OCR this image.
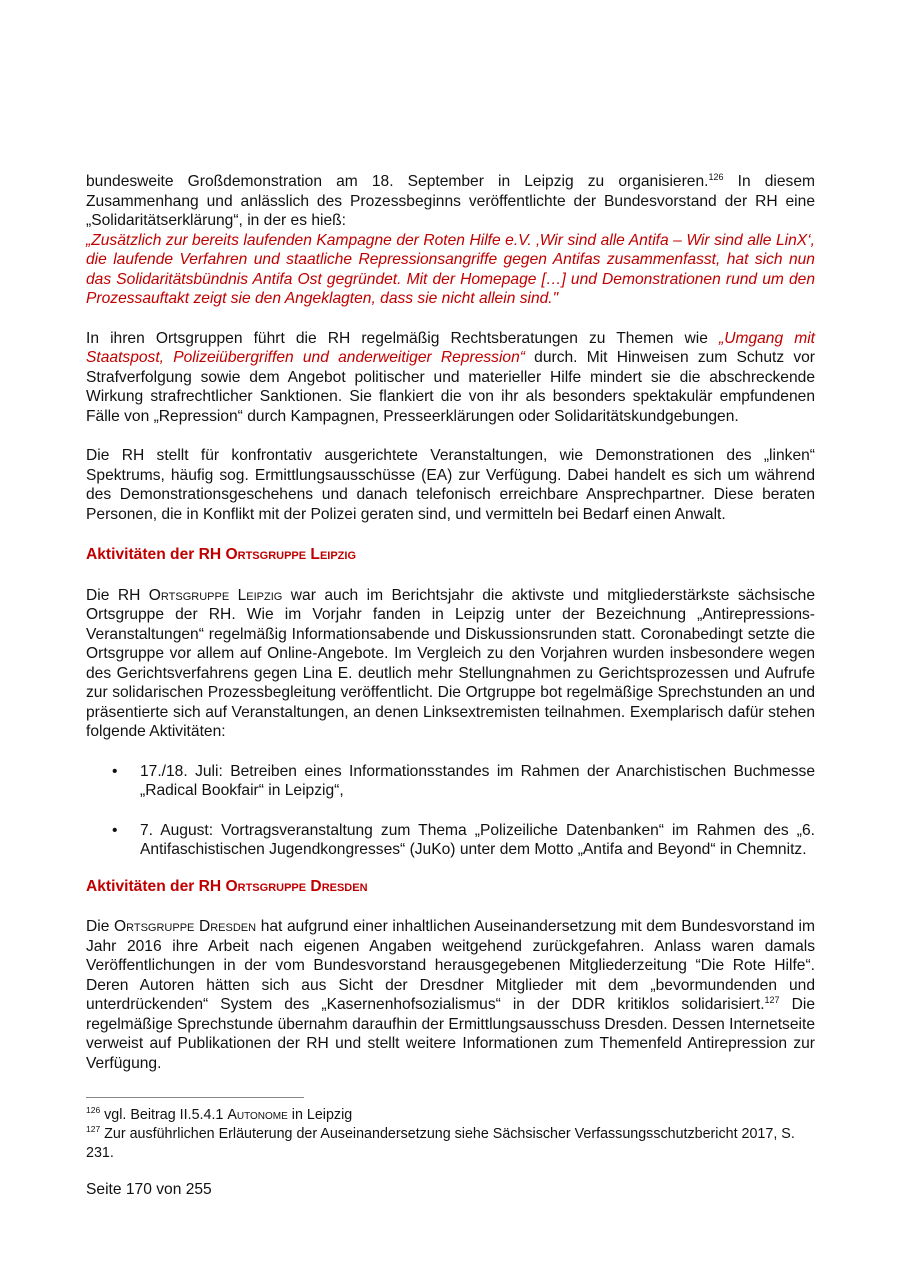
bundesweite Großdemonstration am 18. September in Leipzig zu organisieren.$^{126}$ In diesem Zusammenhang und anlässlich des Prozessbeginns veröffentlichte der Bundesvorstand der RH eine „Solidaritätserklärung“, in der es hieß:

„Zusätzlich zur bereits laufenden Kampagne der Roten Hilfe e.V. ‚Wir sind alle Antifa – Wir sind alle LinX‘, die laufende Verfahren und staatliche Repressionsangriffe gegen Antifas zusammenfasst, hat sich nun das Solidaritätsbündnis Antifa Ost gegründet. Mit der Homepage […] und Demonstrationen rund um den Prozessauftakt zeigt sie den Angeklagten, dass sie nicht allein sind."

In ihren Ortsgruppen führt die RH regelmäßig Rechtsberatungen zu Themen wie „Umgang mit Staatspost, Polizeiübergriffen und anderweitiger Repression“ durch. Mit Hinweisen zum Schutz vor Strafverfolgung sowie dem Angebot politischer und materieller Hilfe mindert sie die abschreckende Wirkung strafrechtlicher Sanktionen. Sie flankiert die von ihr als besonders spektakulär empfundenen Fälle von „Repression“ durch Kampagnen, Presseerklärungen oder Solidaritätskundgebungen.

Die RH stellt für konfrontativ ausgerichtete Veranstaltungen, wie Demonstrationen des „linken“ Spektrums, häufig sog. Ermittlungsausschüsse (EA) zur Verfügung. Dabei handelt es sich um während des Demonstrationsgeschehens und danach telefonisch erreichbare Ansprechpartner. Diese beraten Personen, die in Konflikt mit der Polizei geraten sind, und vermitteln bei Bedarf einen Anwalt.

Aktivitäten der RH Ortsgruppe Leipzig

Die RH Ortsgruppe Leipzig war auch im Berichtsjahr die aktivste und mitgliederstärkste sächsische Ortsgruppe der RH. Wie im Vorjahr fanden in Leipzig unter der Bezeichnung „Antirepressions-Veranstaltungen“ regelmäßig Informationsabende und Diskussionsrunden statt. Coronabedingt setzte die Ortsgruppe vor allem auf Online-Angebote. Im Vergleich zu den Vorjahren wurden insbesondere wegen des Gerichtsverfahrens gegen Lina E. deutlich mehr Stellungnahmen zu Gerichtsprozessen und Aufrufe zur solidarischen Prozessbegleitung veröffentlicht. Die Ortgruppe bot regelmäßige Sprechstunden an und präsentierte sich auf Veranstaltungen, an denen Linksextremisten teilnahmen. Exemplarisch dafür stehen folgende Aktivitäten:

• 17./18. Juli: Betreiben eines Informationsstandes im Rahmen der Anarchistischen Buchmesse „Radical Bookfair“ in Leipzig“,
• 7. August: Vortragsveranstaltung zum Thema „Polizeiliche Datenbanken“ im Rahmen des „6. Antifaschistischen Jugendkongresses“ (JuKo) unter dem Motto „Antifa and Beyond“ in Chemnitz.
Aktivitäten der RH Ortsgruppe Dresden

Die Ortsgruppe Dresden hat aufgrund einer inhaltlichen Auseinandersetzung mit dem Bundesvorstand im Jahr 2016 ihre Arbeit nach eigenen Angaben weitgehend zurückgefahren. Anlass waren damals Veröffentlichungen in der vom Bundesvorstand herausgegebenen Mitgliederzeitung “Die Rote Hilfe“. Deren Autoren hätten sich aus Sicht der Dresdner Mitglieder mit dem „bevormundenden und unterdrückenden“ System des „Kasernenhofsozialismus“ in der DDR kritiklos solidarisiert.$^{127}$ Die regelmäßige Sprechstunde übernahm daraufhin der Ermittlungsausschuss Dresden. Dessen Internetseite verweist auf Publikationen der RH und stellt weitere Informationen zum Themenfeld Antirepression zur Verfügung.

$^{126}$ vgl. Beitrag II.5.4.1 Autonome in Leipzig
$^{127}$ Zur ausführlichen Erläuterung der Auseinandersetzung siehe Sächsischer Verfassungsschutzbericht 2017, S. 231.
Seite 170 von 255
